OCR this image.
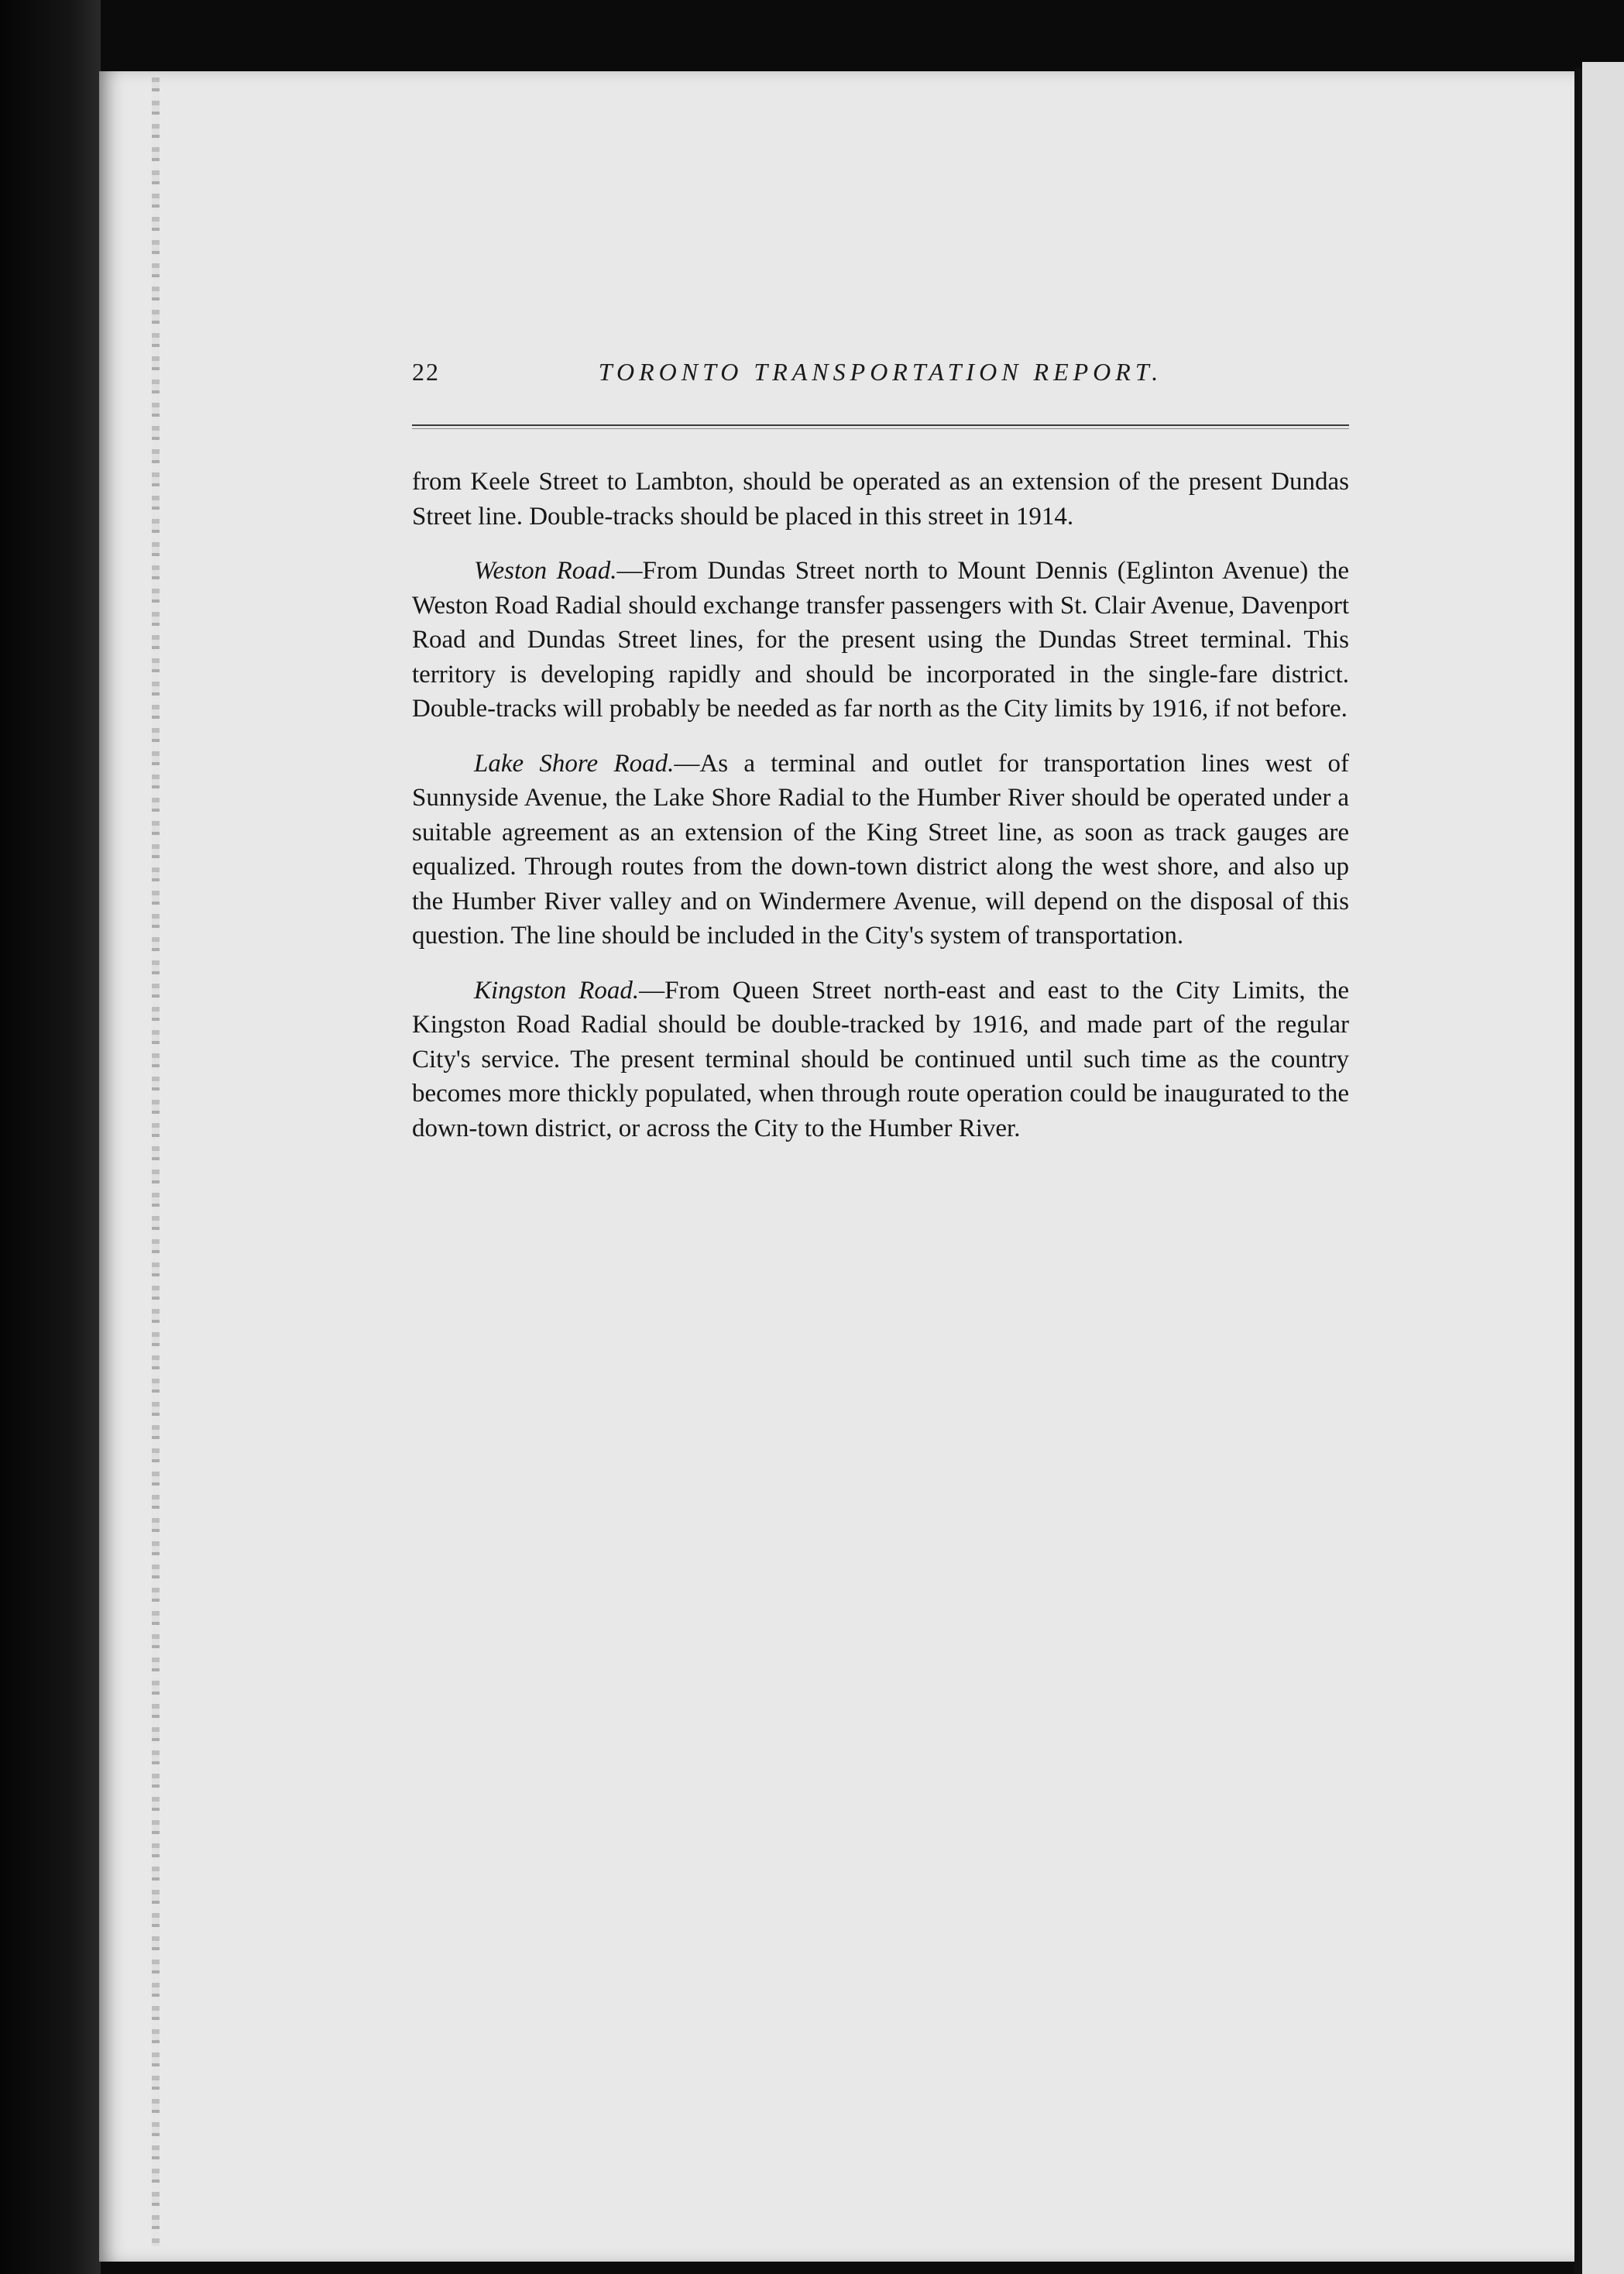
22	TORONTO TRANSPORTATION REPORT.

from Keele Street to Lambton, should be operated as an extension of the present Dundas Street line. Double-tracks should be placed in this street in 1914.

Weston Road.—From Dundas Street north to Mount Dennis (Eglinton Avenue) the Weston Road Radial should exchange transfer passengers with St. Clair Avenue, Davenport Road and Dundas Street lines, for the present using the Dundas Street terminal. This territory is developing rapidly and should be incorporated in the single-fare district. Double-tracks will probably be needed as far north as the City limits by 1916, if not before.

Lake Shore Road.—As a terminal and outlet for transportation lines west of Sunnyside Avenue, the Lake Shore Radial to the Humber River should be operated under a suitable agreement as an extension of the King Street line, as soon as track gauges are equalized. Through routes from the down-town district along the west shore, and also up the Humber River valley and on Windermere Avenue, will depend on the disposal of this question. The line should be included in the City's system of transportation.

Kingston Road.—From Queen Street north-east and east to the City Limits, the Kingston Road Radial should be double-tracked by 1916, and made part of the regular City's service. The present terminal should be continued until such time as the country becomes more thickly populated, when through route operation could be inaugurated to the down-town district, or across the City to the Humber River.
